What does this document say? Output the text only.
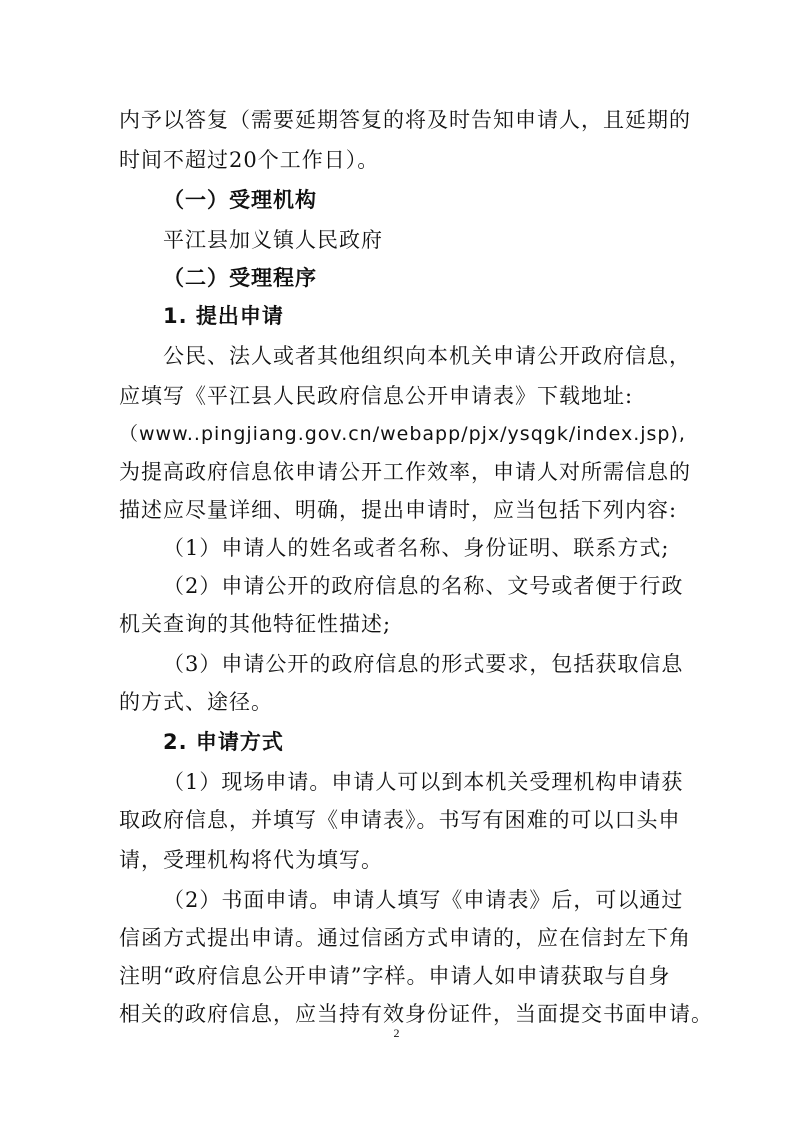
内予以答复（需要延期答复的将及时告知申请人，且延期的
时间不超过20个工作日）。
（一）受理机构
平江县加义镇人民政府
（二）受理程序
1. 提出申请
公民、法人或者其他组织向本机关申请公开政府信息，
应填写《平江县人民政府信息公开申请表》下载地址:
（www..pingjiang.gov.cn/webapp/pjx/ysqgk/index.jsp),
为提高政府信息依申请公开工作效率，申请人对所需信息的
描述应尽量详细、明确，提出申请时，应当包括下列内容:
（1）申请人的姓名或者名称、身份证明、联系方式;
（2）申请公开的政府信息的名称、文号或者便于行政
机关查询的其他特征性描述;
（3）申请公开的政府信息的形式要求，包括获取信息
的方式、途径。
2. 申请方式
（1）现场申请。申请人可以到本机关受理机构申请获
取政府信息，并填写《申请表》。书写有困难的可以口头申
请，受理机构将代为填写。
（2）书面申请。申请人填写《申请表》后，可以通过
信函方式提出申请。通过信函方式申请的，应在信封左下角
注明“政府信息公开申请”字样。申请人如申请获取与自身
相关的政府信息，应当持有效身份证件，当面提交书面申请。
2
